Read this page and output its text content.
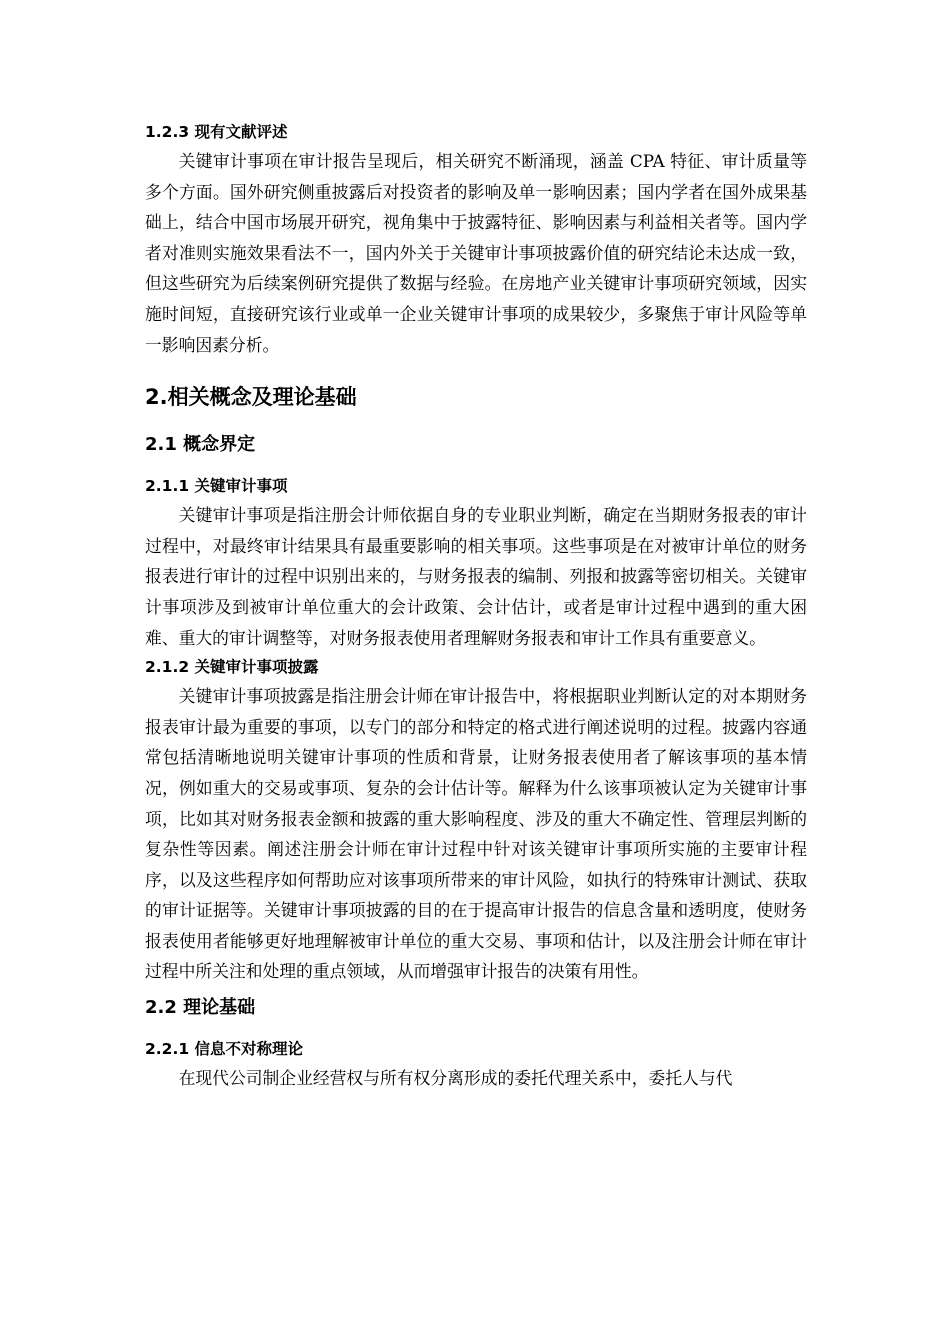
1.2.3 现有文献评述

关键审计事项在审计报告呈现后，相关研究不断涌现，涵盖 CPA 特征、审计质量等多个方面。国外研究侧重披露后对投资者的影响及单一影响因素；国内学者在国外成果基础上，结合中国市场展开研究，视角集中于披露特征、影响因素与利益相关者等。国内学者对准则实施效果看法不一，国内外关于关键审计事项披露价值的研究结论未达成一致，但这些研究为后续案例研究提供了数据与经验。在房地产业关键审计事项研究领域，因实施时间短，直接研究该行业或单一企业关键审计事项的成果较少，多聚焦于审计风险等单一影响因素分析。

2.相关概念及理论基础

2.1 概念界定

2.1.1 关键审计事项

关键审计事项是指注册会计师依据自身的专业职业判断，确定在当期财务报表的审计过程中，对最终审计结果具有最重要影响的相关事项。这些事项是在对被审计单位的财务报表进行审计的过程中识别出来的，与财务报表的编制、列报和披露等密切相关。关键审计事项涉及到被审计单位重大的会计政策、会计估计，或者是审计过程中遇到的重大困难、重大的审计调整等，对财务报表使用者理解财务报表和审计工作具有重要意义。

2.1.2 关键审计事项披露

关键审计事项披露是指注册会计师在审计报告中，将根据职业判断认定的对本期财务报表审计最为重要的事项，以专门的部分和特定的格式进行阐述说明的过程。披露内容通常包括清晰地说明关键审计事项的性质和背景，让财务报表使用者了解该事项的基本情况，例如重大的交易或事项、复杂的会计估计等。解释为什么该事项被认定为关键审计事项，比如其对财务报表金额和披露的重大影响程度、涉及的重大不确定性、管理层判断的复杂性等因素。阐述注册会计师在审计过程中针对该关键审计事项所实施的主要审计程序，以及这些程序如何帮助应对该事项所带来的审计风险，如执行的特殊审计测试、获取的审计证据等。关键审计事项披露的目的在于提高审计报告的信息含量和透明度，使财务报表使用者能够更好地理解被审计单位的重大交易、事项和估计，以及注册会计师在审计过程中所关注和处理的重点领域，从而增强审计报告的决策有用性。

2.2 理论基础

2.2.1 信息不对称理论

在现代公司制企业经营权与所有权分离形成的委托代理关系中，委托人与代
